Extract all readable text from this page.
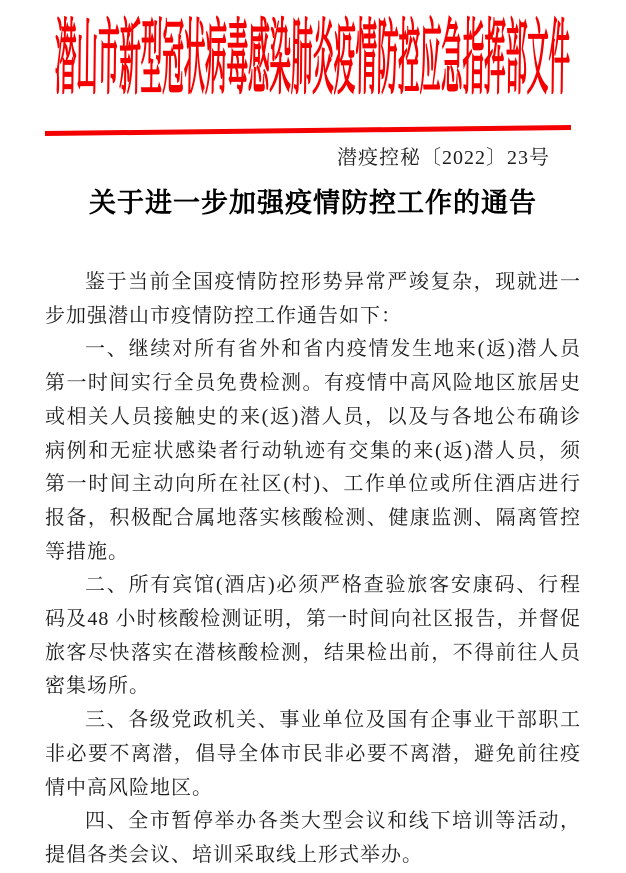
潜山市新型冠状病毒感染肺炎疫情防控应急指挥部文件
潜疫控秘〔2022〕23号
关于进一步加强疫情防控工作的通告

鉴于当前全国疫情防控形势异常严竣复杂，现就进一步加强潜山市疫情防控工作通告如下：

一、继续对所有省外和省内疫情发生地来(返)潜人员第一时间实行全员免费检测。有疫情中高风险地区旅居史或相关人员接触史的来(返)潜人员，以及与各地公布确诊病例和无症状感染者行动轨迹有交集的来(返)潜人员，须第一时间主动向所在社区(村)、工作单位或所住酒店进行报备，积极配合属地落实核酸检测、健康监测、隔离管控等措施。

二、所有宾馆(酒店)必须严格查验旅客安康码、行程码及48 小时核酸检测证明，第一时间向社区报告，并督促旅客尽快落实在潜核酸检测，结果检出前，不得前往人员密集场所。

三、各级党政机关、事业单位及国有企事业干部职工非必要不离潜，倡导全体市民非必要不离潜，避免前往疫情中高风险地区。

四、全市暂停举办各类大型会议和线下培训等活动，提倡各类会议、培训采取线上形式举办。
